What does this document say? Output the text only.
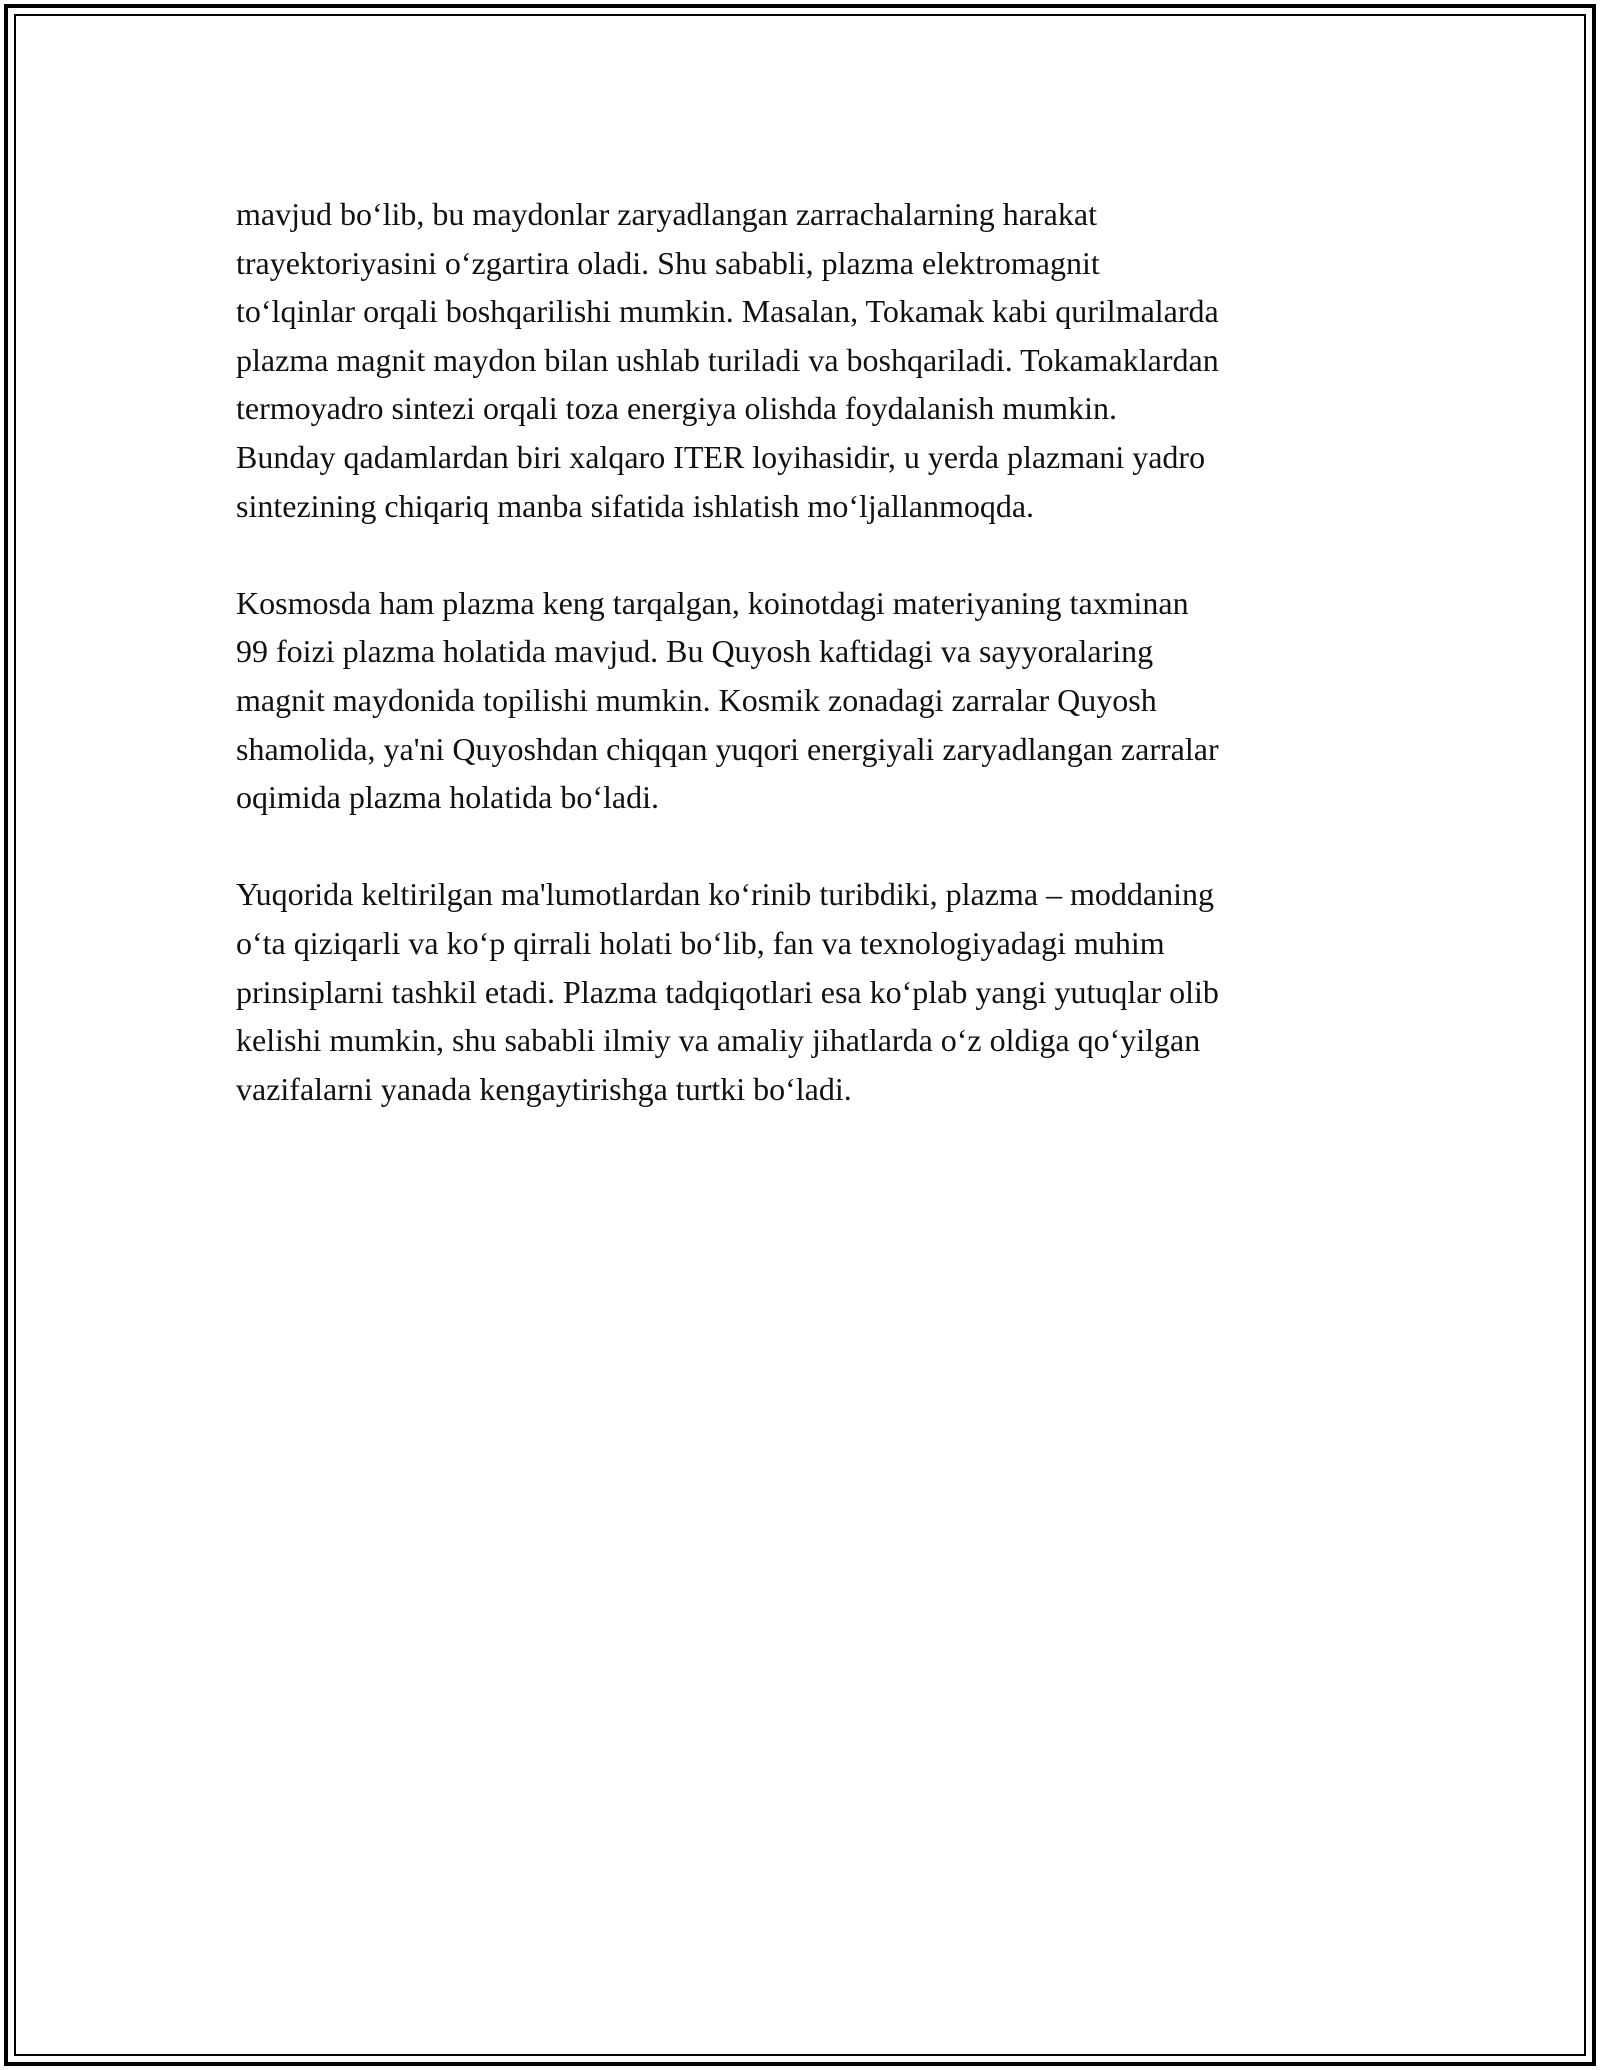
mavjud bo‘lib, bu maydonlar zaryadlangan zarrachalarning harakat
trayektoriyasini o‘zgartira oladi. Shu sababli, plazma elektromagnit
to‘lqinlar orqali boshqarilishi mumkin. Masalan, Tokamak kabi qurilmalarda
plazma magnit maydon bilan ushlab turiladi va boshqariladi. Tokamaklardan
termoyadro sintezi orqali toza energiya olishda foydalanish mumkin.
Bunday qadamlardan biri xalqaro ITER loyihasidir, u yerda plazmani yadro
sintezining chiqariq manba sifatida ishlatish mo‘ljallanmoqda.

Kosmosda ham plazma keng tarqalgan, koinotdagi materiyaning taxminan
99 foizi plazma holatida mavjud. Bu Quyosh kaftidagi va sayyoralaring
magnit maydonida topilishi mumkin. Kosmik zonadagi zarralar Quyosh
shamolida, ya'ni Quyoshdan chiqqan yuqori energiyali zaryadlangan zarralar
oqimida plazma holatida bo‘ladi.

Yuqorida keltirilgan ma'lumotlardan ko‘rinib turibdiki, plazma – moddaning
o‘ta qiziqarli va ko‘p qirrali holati bo‘lib, fan va texnologiyadagi muhim
prinsiplarni tashkil etadi. Plazma tadqiqotlari esa ko‘plab yangi yutuqlar olib
kelishi mumkin, shu sababli ilmiy va amaliy jihatlarda o‘z oldiga qo‘yilgan
vazifalarni yanada kengaytirishga turtki bo‘ladi.
